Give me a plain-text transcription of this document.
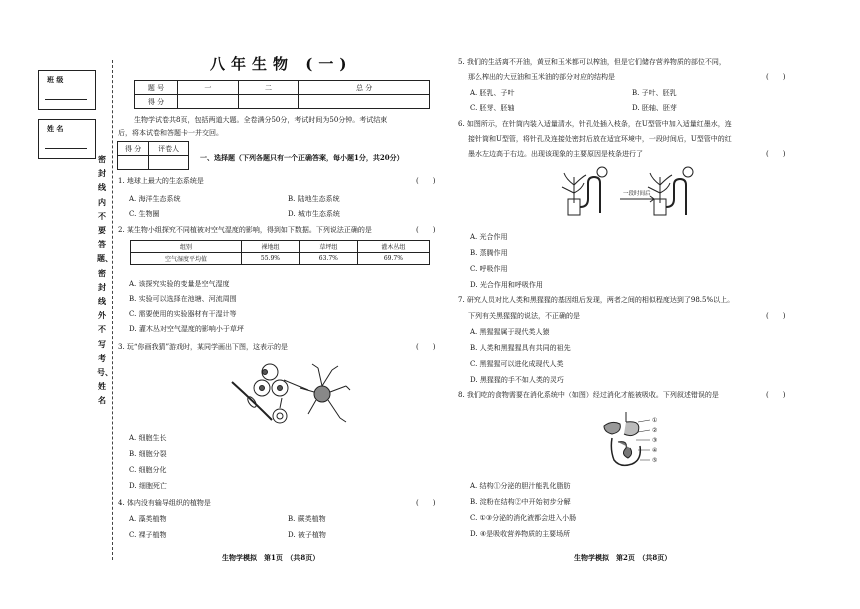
班 级
姓 名
密封线内不要答题、密封线外不写考号、姓名
八年生物 (一)
题 号	一	二	总 分
得 分			
生物学试卷共8页，包括两道大题。全卷满分50分，考试时间为50分钟。考试结束
后，将本试卷和答题卡一并交回。
得 分	评卷人

一、选择题（下列各题只有一个正确答案，每小题1分，共20分）
1. 地球上最大的生态系统是	(　　)
A. 海洋生态系统	B. 陆地生态系统
C. 生物圈	D. 城市生态系统
2. 某生物小组探究不同植被对空气湿度的影响，得到如下数据。下列说法正确的是	(　　)
组别	裸地组	草坪组	灌木丛组
空气湿度平均值	55.9%	63.7%	69.7%
A. 该探究实验的变量是空气湿度
B. 实验可以选择在池塘、河流周围
C. 需要使用的实验器材有干湿计等
D. 灌木丛对空气湿度的影响小于草坪
3. 玩“你画我猜”游戏时，某同学画出下图，这表示的是	(　　)
A. 细胞生长
B. 细胞分裂
C. 细胞分化
D. 细胞死亡
4. 体内没有输导组织的植物是	(　　)
A. 藻类植物	B. 蕨类植物
C. 裸子植物	D. 被子植物
生物学模拟　第1页　（共8页）
5. 我们的生活离不开油，黄豆和玉米都可以榨油，但是它们储存营养物质的部位不同，
那么榨出的大豆油和玉米油的部分对应的结构是	(　　)
A. 胚乳、子叶	B. 子叶、胚乳
C. 胚芽、胚轴	D. 胚轴、胚芽
6. 如图所示，在针筒内装入适量清水，针孔处插入枝条，在U型管中加入适量红墨水，连
接针筒和U型管，将针孔及连接处密封后放在适宜环境中，一段时间后，U型管中的红
墨水左边高于右边。出现该现象的主要原因是枝条进行了	(　　)
一段时间后
A. 光合作用
B. 蒸腾作用
C. 呼吸作用
D. 光合作用和呼吸作用
7. 研究人员对比人类和黑猩猩的基因组后发现，两者之间的相似程度达到了98.5%以上。
下列有关黑猩猩的说法，不正确的是	(　　)
A. 黑猩猩属于现代类人猿
B. 人类和黑猩猩具有共同的祖先
C. 黑猩猩可以进化成现代人类
D. 黑猩猩的手不如人类的灵巧
8. 我们吃的食物需要在消化系统中（如图）经过消化才能被吸收。下列叙述错误的是	(　　)
①
②
③
④
⑤
A. 结构①分泌的胆汁能乳化脂肪
B. 淀粉在结构②中开始初步分解
C. ①③分泌的消化液都会进入小肠
D. ④是吸收营养物质的主要场所
生物学模拟　第2页　（共8页）
